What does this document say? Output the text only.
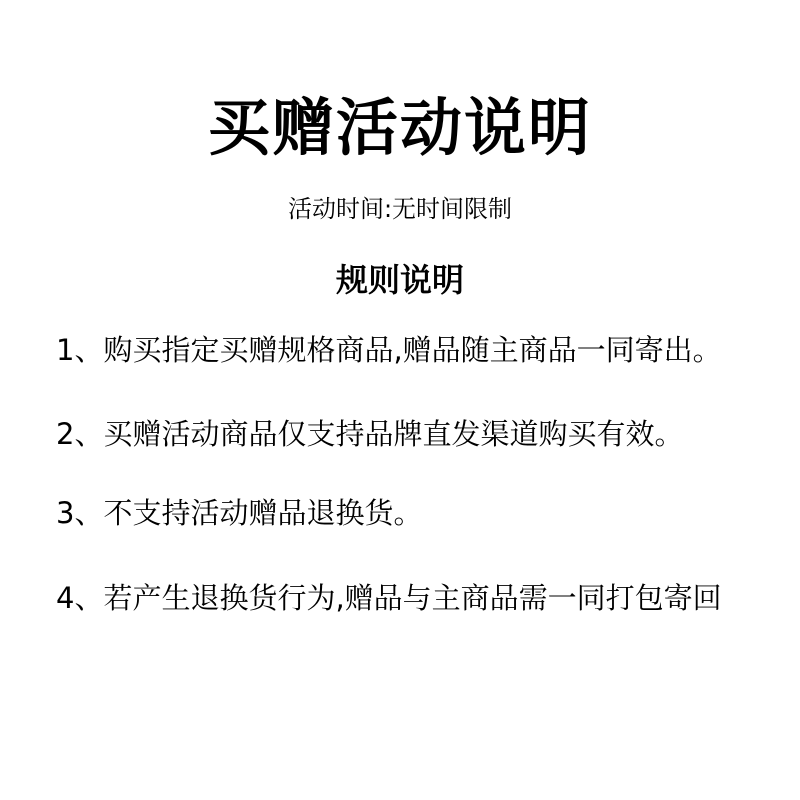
买赠活动说明
活动时间:无时间限制
规则说明
1、购买指定买赠规格商品,赠品随主商品一同寄出。
2、买赠活动商品仅支持品牌直发渠道购买有效。
3、不支持活动赠品退换货。
4、若产生退换货行为,赠品与主商品需一同打包寄回
